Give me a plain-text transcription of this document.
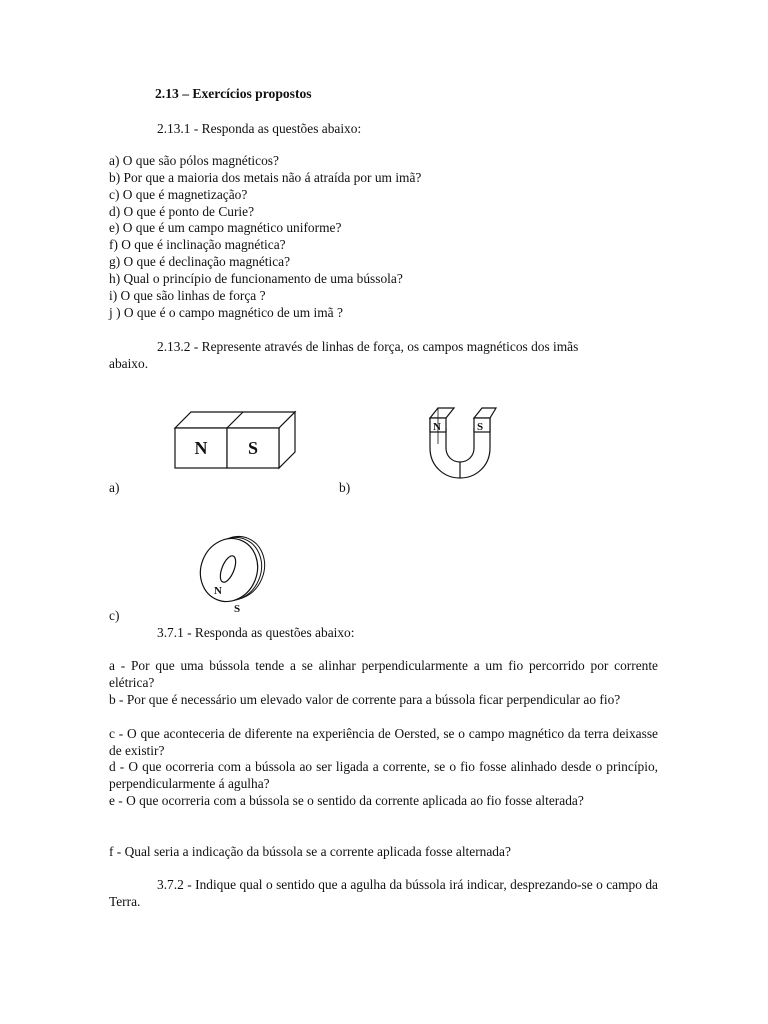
2.13 – Exercícios propostos
2.13.1 - Responda as questões abaixo:
a) O que são pólos magnéticos?
b) Por que a maioria dos metais não á atraída por um imã?
c) O que é magnetização?
d) O que é ponto de Curie?
e) O que é um campo magnético uniforme?
f) O que é inclinação magnética?
g) O que é declinação magnética?
h) Qual o princípio de funcionamento de uma bússola?
i) O que são linhas de força ?
j ) O que é o campo magnético de um imã ?
2.13.2 - Represente através de linhas de força, os campos magnéticos dos imãs
abaixo.
N S
a)
N	S
b)
N
S
c)
3.7.1 - Responda as questões abaixo:
a - Por que uma bússola tende a se alinhar perpendicularmente a um fio percorrido por corrente elétrica?
b - Por que é necessário um elevado valor de corrente para a bússola ficar perpendicular ao fio?
c - O que aconteceria de diferente na experiência de Oersted, se o campo magnético da terra deixasse de existir?
d - O que ocorreria com a bússola ao ser ligada a corrente, se o fio fosse alinhado desde o princípio, perpendicularmente á agulha?
e - O que ocorreria com a bússola se o sentido da corrente aplicada ao fio fosse alterada?
f - Qual seria a indicação da bússola se a corrente aplicada fosse alternada?
3.7.2 - Indique qual o sentido que a agulha da bússola irá indicar, desprezando-se o campo da Terra.
